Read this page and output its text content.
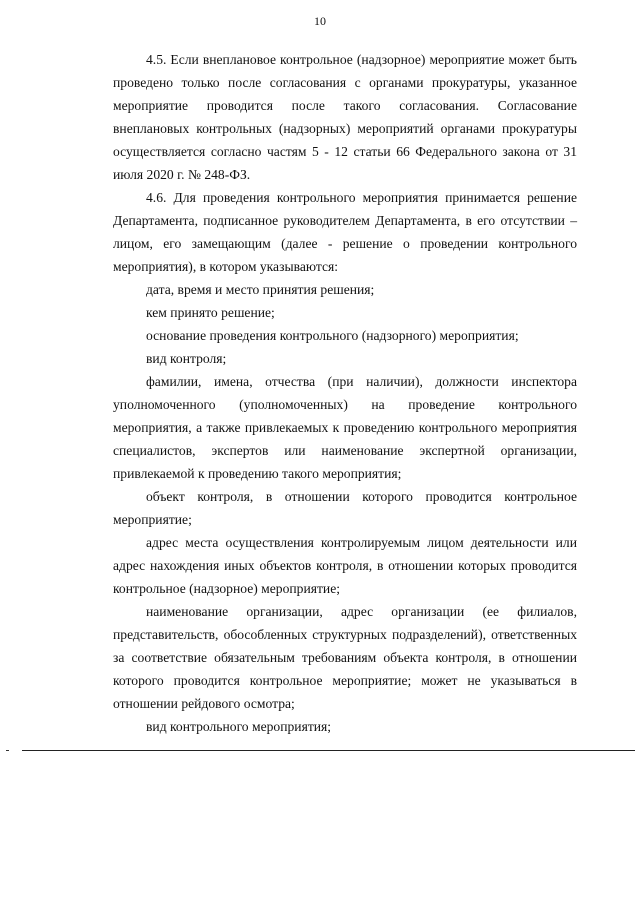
10

4.5. Если внеплановое контрольное (надзорное) мероприятие может быть проведено только после согласования с органами прокуратуры, указанное мероприятие проводится после такого согласования. Согласование внеплановых контрольных (надзорных) мероприятий органами прокуратуры осуществляется согласно частям 5 - 12 статьи 66 Федерального закона от 31 июля 2020 г. № 248-ФЗ.

4.6. Для проведения контрольного мероприятия принимается решение Департамента, подписанное руководителем Департамента, в его отсутствии – лицом, его замещающим (далее - решение о проведении контрольного мероприятия), в котором указываются:

дата, время и место принятия решения;

кем принято решение;

основание проведения контрольного (надзорного) мероприятия;

вид контроля;

фамилии, имена, отчества (при наличии), должности инспектора уполномоченного (уполномоченных) на проведение контрольного мероприятия, а также привлекаемых к проведению контрольного мероприятия специалистов, экспертов или наименование экспертной организации, привлекаемой к проведению такого мероприятия;

объект контроля, в отношении которого проводится контрольное мероприятие;

адрес места осуществления контролируемым лицом деятельности или адрес нахождения иных объектов контроля, в отношении которых проводится контрольное (надзорное) мероприятие;

наименование организации, адрес организации (ее филиалов, представительств, обособленных структурных подразделений), ответственных за соответствие обязательным требованиям объекта контроля, в отношении которого проводится контрольное мероприятие; может не указываться в отношении рейдового осмотра;

вид контрольного мероприятия;
